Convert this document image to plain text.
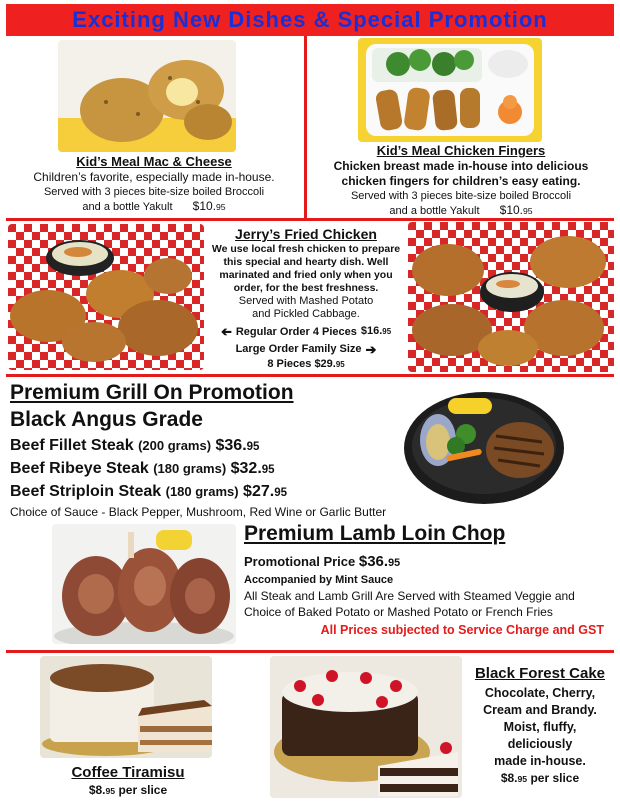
Exciting New Dishes & Special Promotion
Kid’s Meal Mac & Cheese
Children’s favorite, especially made in-house.
Served with 3 pieces bite-size boiled Broccoli
and a bottle Yakult $10.95
Kid’s Meal Chicken Fingers
Chicken breast made in-house into delicious
chicken fingers for children’s easy eating.
Served with 3 pieces bite-size boiled Broccoli
and a bottle Yakult $10.95
Jerry’s Fried Chicken
We use local fresh chicken to prepare
this special and hearty dish. Well
marinated and fried only when you
order, for the best freshness.
Served with Mashed Potato
and Pickled Cabbage.
➔ Regular Order 4 Pieces $16.95
Large Order Family Size ➔
8 Pieces $29.95
Premium Grill On Promotion
Black Angus Grade
Beef Fillet Steak (200 grams) $36.95
Beef Ribeye Steak (180 grams) $32.95
Beef Striploin Steak (180 grams) $27.95
Choice of Sauce - Black Pepper, Mushroom, Red Wine or Garlic Butter
Premium Lamb Loin Chop
Promotional Price $36.95
Accompanied by Mint Sauce
All Steak and Lamb Grill Are Served with Steamed Veggie and
Choice of Baked Potato or Mashed Potato or French Fries
All Prices subjected to Service Charge and GST
Coffee Tiramisu
$8.95 per slice
Black Forest Cake
Chocolate, Cherry,
Cream and Brandy.
Moist, fluffy,
deliciously
made in-house.
$8.95 per slice
